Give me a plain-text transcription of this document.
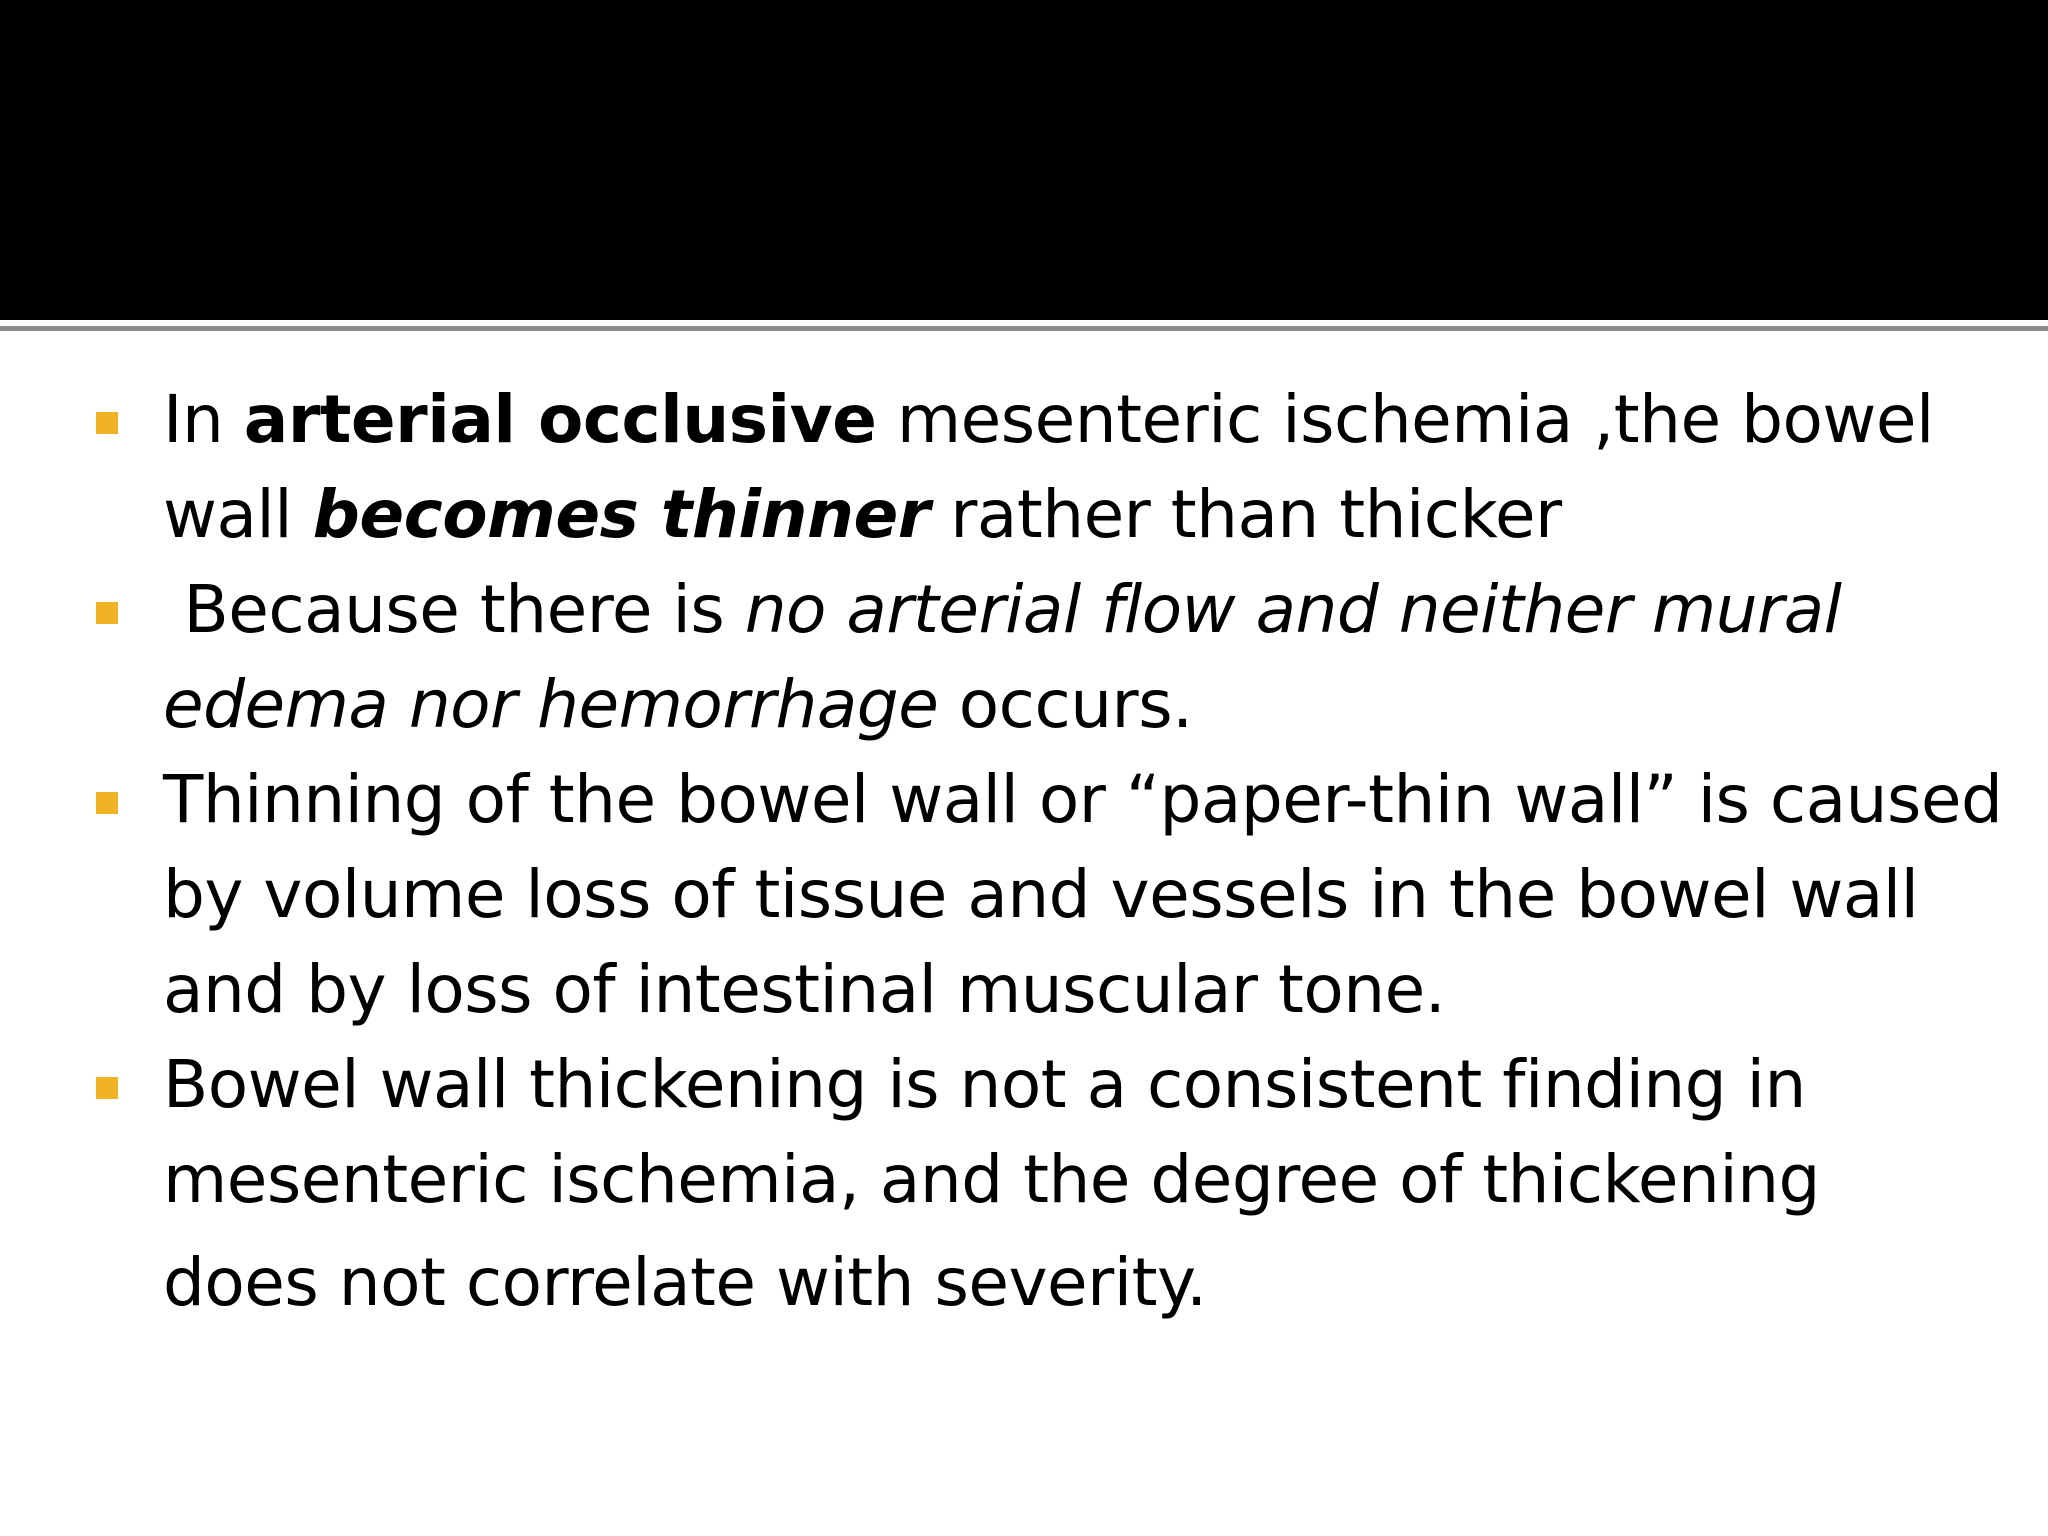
In arterial occlusive mesenteric ischemia ,the bowel wall becomes thinner rather than thicker
Because there is no arterial flow and neither mural edema nor hemorrhage occurs.
Thinning of the bowel wall or “paper-thin wall” is caused by volume loss of tissue and vessels in the bowel wall and by loss of intestinal muscular tone.
Bowel wall thickening is not a consistent finding in mesenteric ischemia, and the degree of thickening
does not correlate with severity.
